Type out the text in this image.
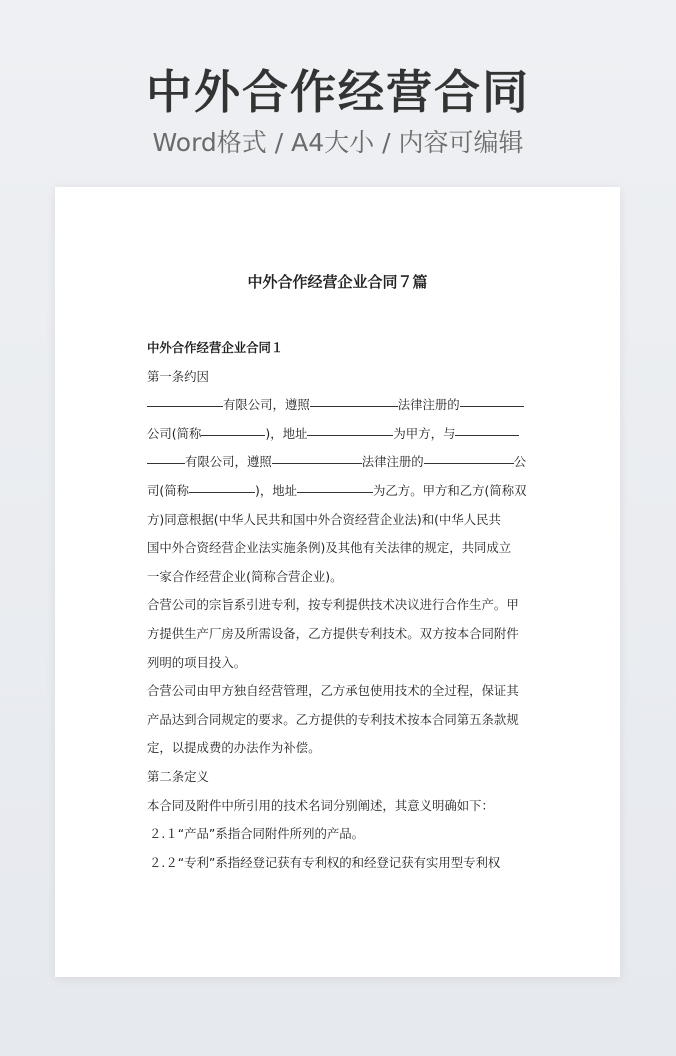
中外合作经营合同
Word格式 / A4大小 / 内容可编辑
中外合作经营企业合同７篇
中外合作经营企业合同１
第一条约因
有限公司，遵照	法律注册的
公司(简称	)，地址	为甲方，与
有限公司，遵照	法律注册的	公
司(简称	)，地址	为乙方。甲方和乙方(简称双
方)同意根据(中华人民共和国中外合资经营企业法)和(中华人民共
国中外合资经营企业法实施条例)及其他有关法律的规定，共同成立
一家合作经营企业(简称合营企业)。
合营公司的宗旨系引进专利，按专利提供技术决议进行合作生产。甲
方提供生产厂房及所需设备，乙方提供专利技术。双方按本合同附件
列明的项目投入。
合营公司由甲方独自经营管理，乙方承包使用技术的全过程，保证其
产品达到合同规定的要求。乙方提供的专利技术按本合同第五条款规
定，以提成费的办法作为补偿。
第二条定义
本合同及附件中所引用的技术名词分别阐述，其意义明确如下：
２.１“产品”系指合同附件所列的产品。
２.２“专利”系指经登记获有专利权的和经登记获有实用型专利权
